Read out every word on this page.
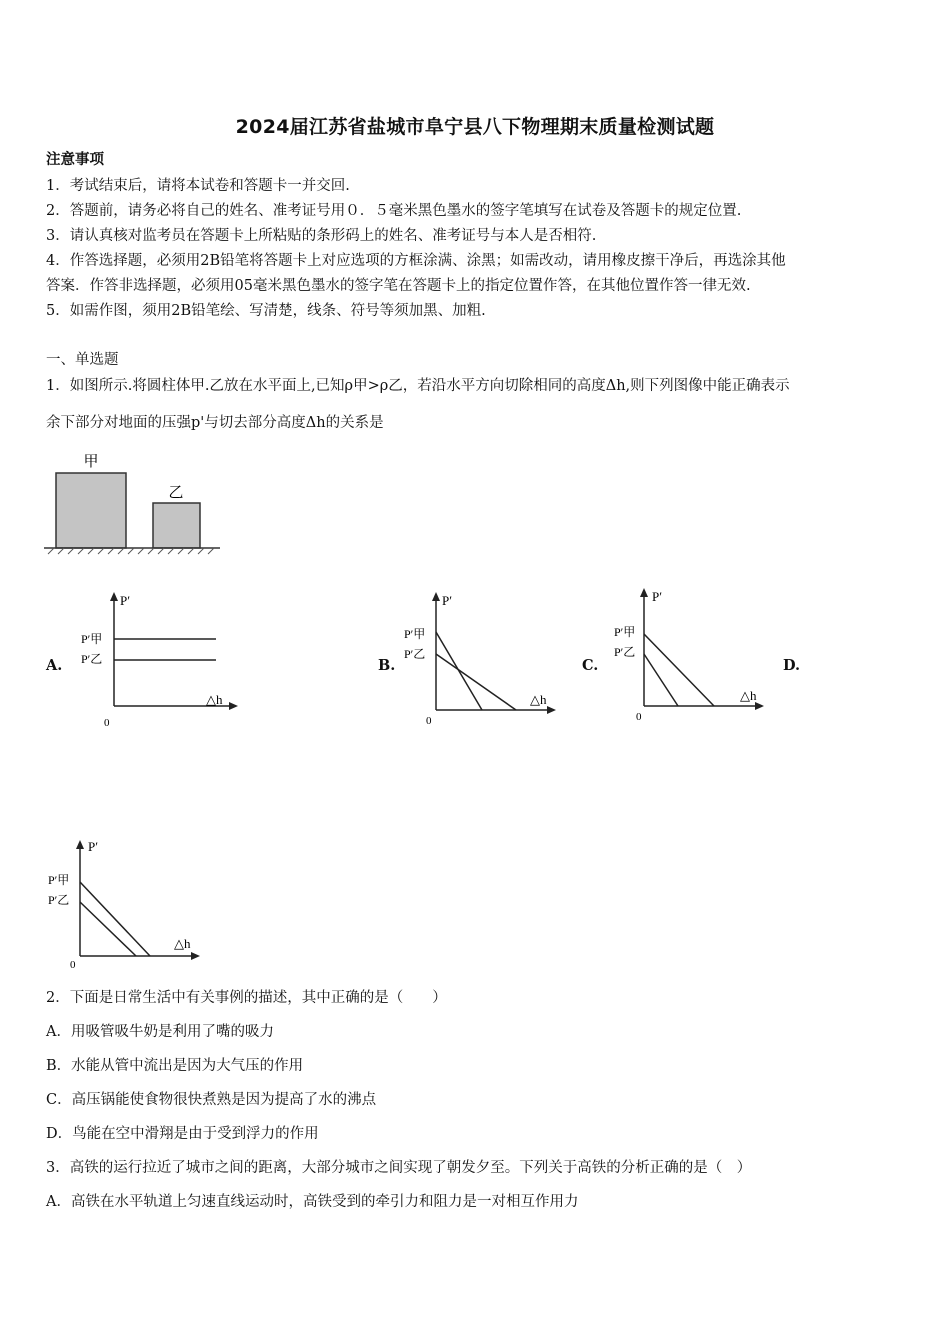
2024届江苏省盐城市阜宁县八下物理期末质量检测试题
注意事项
1．考试结束后，请将本试卷和答题卡一并交回.
2．答题前，请务必将自己的姓名、准考证号用０．５毫米黑色墨水的签字笔填写在试卷及答题卡的规定位置.
3．请认真核对监考员在答题卡上所粘贴的条形码上的姓名、准考证号与本人是否相符.
4．作答选择题，必须用2B铅笔将答题卡上对应选项的方框涂满、涂黑；如需改动，请用橡皮擦干净后，再选涂其他
答案．作答非选择题，必须用05毫米黑色墨水的签字笔在答题卡上的指定位置作答，在其他位置作答一律无效.
5．如需作图，须用2B铅笔绘、写清楚，线条、符号等须加黑、加粗.
一、单选题
1．如图所示.将圆柱体甲.乙放在水平面上,已知ρ甲>ρ乙，若沿水平方向切除相同的高度Δh,则下列图像中能正确表示
余下部分对地面的压强p'与切去部分高度Δh的关系是
甲
乙
A.
P′
△h
0
P′甲
P′乙	B.
P′
△h
0
P′甲
P′乙
C.
P′
△h
0
P′甲
P′乙
D.
P′
△h
0
P′甲
P′乙
2．下面是日常生活中有关事例的描述，其中正确的是（　　）
A．用吸管吸牛奶是利用了嘴的吸力
B．水能从管中流出是因为大气压的作用
C．高压锅能使食物很快煮熟是因为提高了水的沸点
D．鸟能在空中滑翔是由于受到浮力的作用
3．高铁的运行拉近了城市之间的距离，大部分城市之间实现了朝发夕至。下列关于高铁的分析正确的是（　）
A．高铁在水平轨道上匀速直线运动时，高铁受到的牵引力和阻力是一对相互作用力
